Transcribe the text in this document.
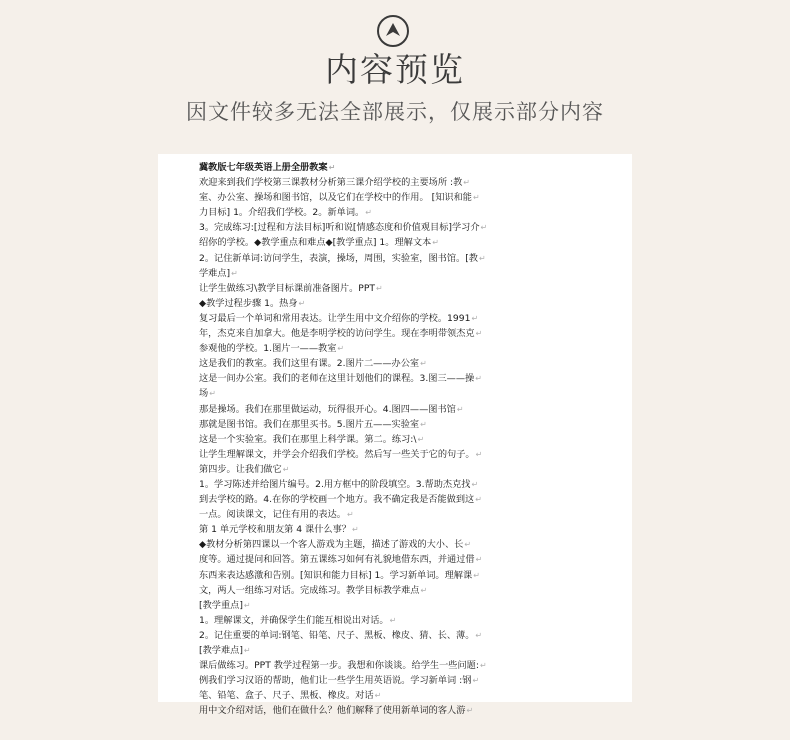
内容预览
因文件较多无法全部展示，仅展示部分内容
冀教版七年级英语上册全册教案↵
欢迎来到我们学校第三课教材分析第三课介绍学校的主要场所 :教↵
室、办公室、操场和图书馆，以及它们在学校中的作用。 [知识和能↵
力目标] 1。介绍我们学校。2。新单词。↵
3。完成练习:[过程和方法目标]听和说[情感态度和价值观目标]学习介↵
绍你的学校。◆教学重点和难点◆[教学重点] 1。理解文本↵
2。记住新单词:访问学生，表演，操场，周围，实验室，图书馆。[教↵
学难点]↵
让学生做练习\教学目标课前准备图片。PPT↵
◆教学过程步骤 1。热身↵
复习最后一个单词和常用表达。让学生用中文介绍你的学校。1991↵
年，杰克来自加拿大。他是李明学校的访问学生。现在李明带领杰克↵
参观他的学校。1.图片一——教室↵
这是我们的教室。我们这里有课。2.图片二——办公室↵
这是一间办公室。我们的老师在这里计划他们的课程。3.图三——操↵
场↵
那是操场。我们在那里做运动，玩得很开心。4.图四——图书馆↵
那就是图书馆。我们在那里买书。5.图片五——实验室↵
这是一个实验室。我们在那里上科学课。第二。练习:\↵
让学生理解课文，并学会介绍我们学校。然后写一些关于它的句子。↵
第四步。让我们做它↵
1。学习陈述并给图片编号。2.用方框中的阶段填空。3.帮助杰克找↵
到去学校的路。4.在你的学校画一个地方。我不确定我是否能做到这↵
一点。阅读课文，记住有用的表达。↵
第 1 单元学校和朋友第 4 课什么事？↵
◆教材分析第四课以一个客人游戏为主题，描述了游戏的大小、长↵
度等。通过提问和回答。第五课练习如何有礼貌地借东西，并通过借↵
东西来表达感激和告别。[知识和能力目标] 1。学习新单词。理解课↵
文，两人一组练习对话。完成练习。教学目标教学难点↵
[教学重点]↵
1。理解课文，并确保学生们能互相说出对话。↵
2。记住重要的单词:钢笔、铅笔、尺子、黑板、橡皮、猜、长、薄。↵
[教学难点]↵
课后做练习。PPT 教学过程第一步。我想和你谈谈。给学生一些问题:↵
例我们学习汉语的帮助，他们让一些学生用英语说。学习新单词 :钢↵
笔、铅笔、盒子、尺子、黑板、橡皮。对话↵
用中文介绍对话，他们在做什么？他们解释了使用新单词的客人游↵
